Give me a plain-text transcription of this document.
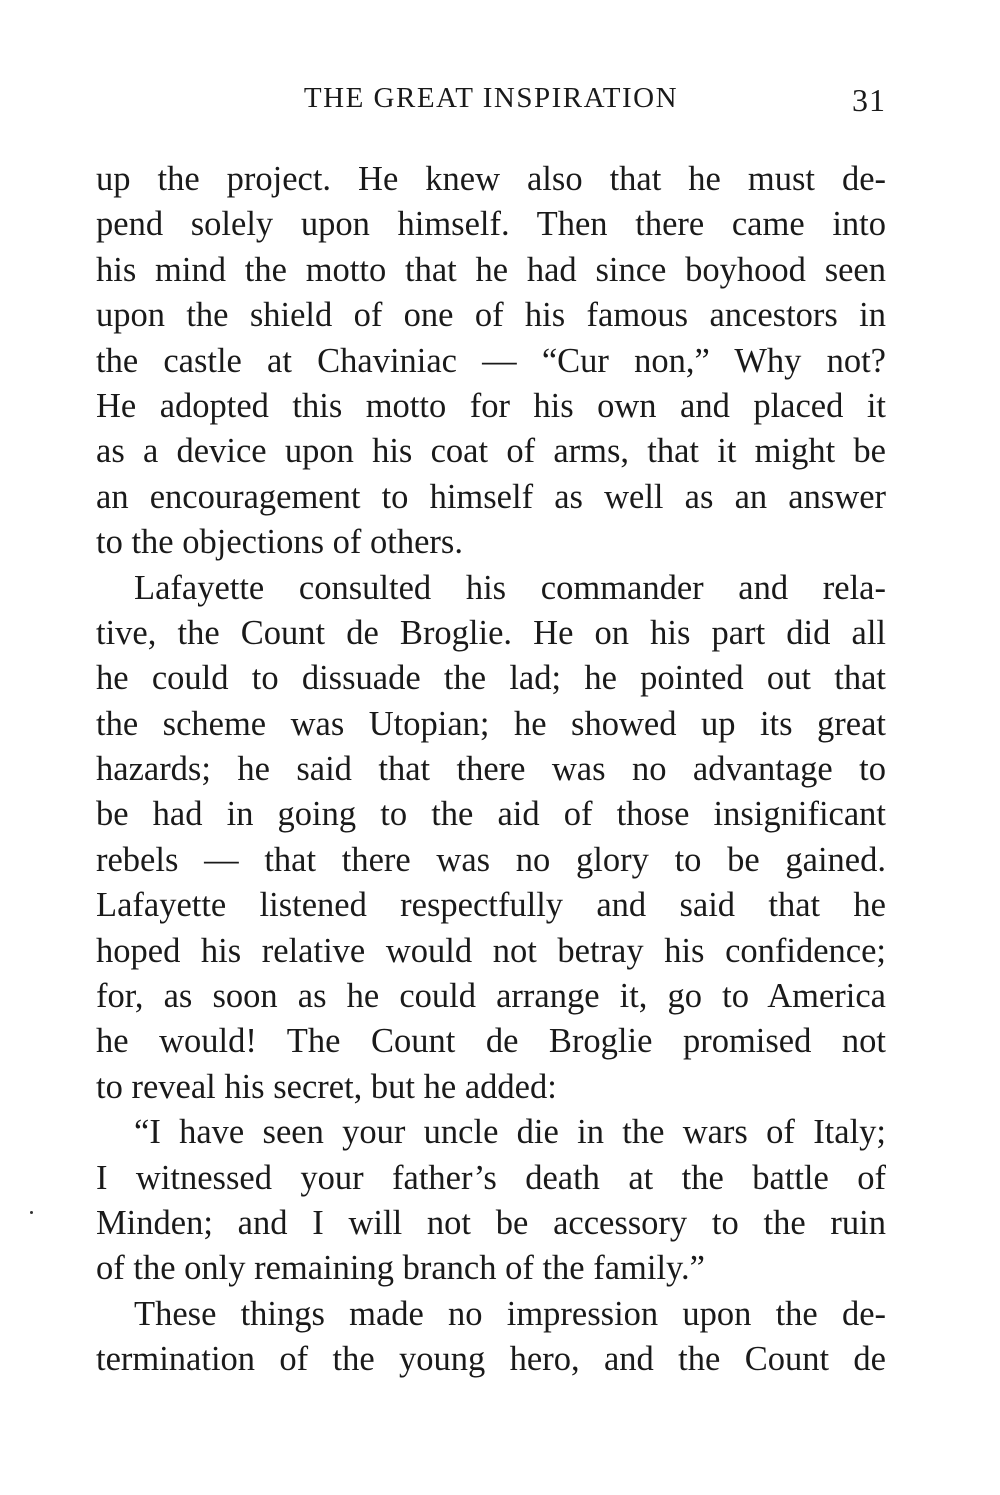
THE GREAT INSPIRATION	31
up the project. He knew also that he must de-
pend solely upon himself. Then there came into
his mind the motto that he had since boyhood seen
upon the shield of one of his famous ancestors in
the castle at Chaviniac — “Cur non,” Why not?
He adopted this motto for his own and placed it
as a device upon his coat of arms, that it might be
an encouragement to himself as well as an answer
to the objections of others.
Lafayette consulted his commander and rela-
tive, the Count de Broglie. He on his part did all
he could to dissuade the lad; he pointed out that
the scheme was Utopian; he showed up its great
hazards; he said that there was no advantage to
be had in going to the aid of those insignificant
rebels — that there was no glory to be gained.
Lafayette listened respectfully and said that he
hoped his relative would not betray his confidence;
for, as soon as he could arrange it, go to America
he would! The Count de Broglie promised not
to reveal his secret, but he added:
“I have seen your uncle die in the wars of Italy;
I witnessed your father’s death at the battle of
Minden; and I will not be accessory to the ruin
of the only remaining branch of the family.”
These things made no impression upon the de-
termination of the young hero, and the Count de
